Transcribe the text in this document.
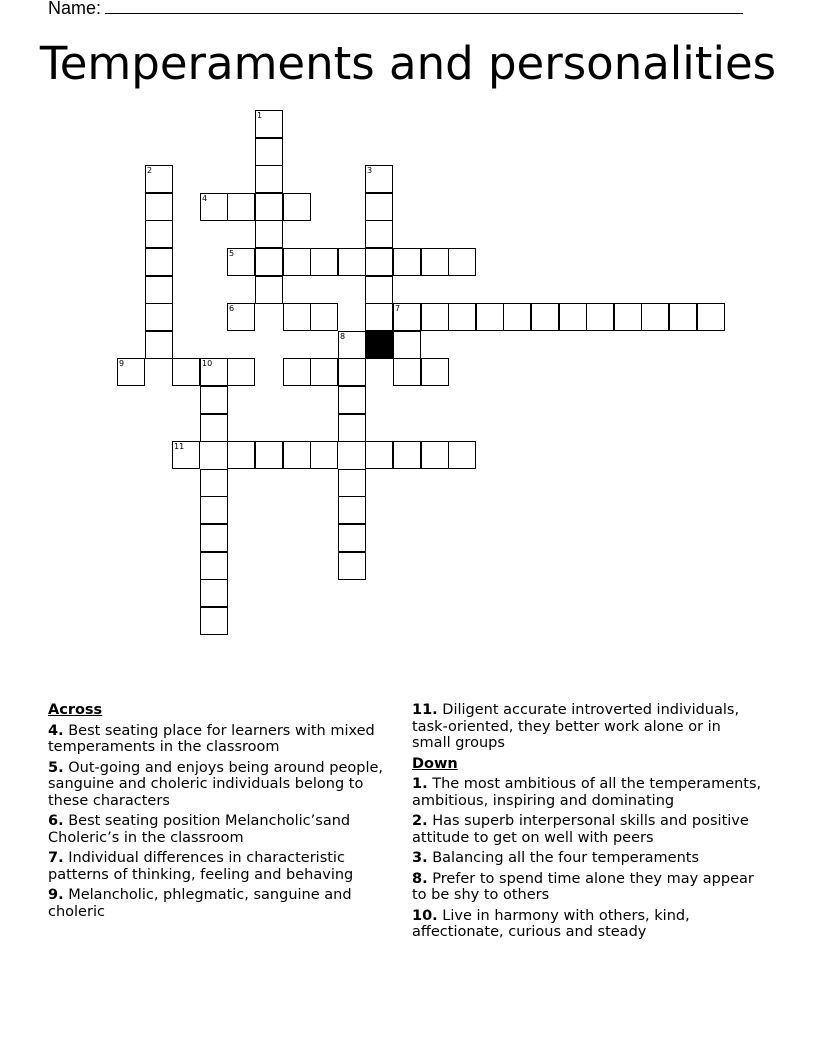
Name:
Temperaments and personalities
1
2	3
4
5
6	7
8
9	10
11
Across
4. Best seating place for learners with mixed temperaments in the classroom
5. Out-going and enjoys being around people, sanguine and choleric individuals belong to these characters
6. Best seating position Melancholic’sand Choleric’s in the classroom
7. Individual differences in characteristic patterns of thinking, feeling and behaving
9. Melancholic, phlegmatic, sanguine and choleric
11. Diligent accurate introverted individuals, task-oriented, they better work alone or in small groups
Down
1. The most ambitious of all the temperaments, ambitious, inspiring and dominating
2. Has superb interpersonal skills and positive attitude to get on well with peers
3. Balancing all the four temperaments
8. Prefer to spend time alone they may appear to be shy to others
10. Live in harmony with others, kind, affectionate, curious and steady
